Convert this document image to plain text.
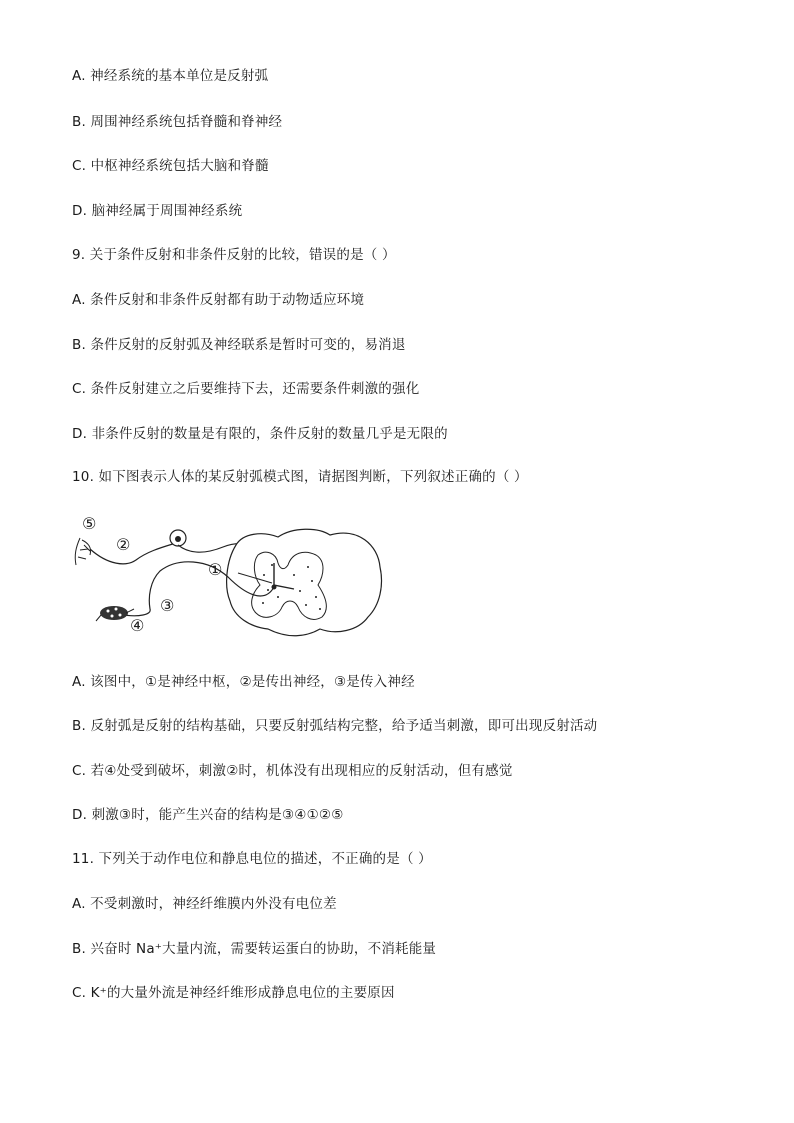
A. 神经系统的基本单位是反射弧
B. 周围神经系统包括脊髓和脊神经
C. 中枢神经系统包括大脑和脊髓
D. 脑神经属于周围神经系统
9. 关于条件反射和非条件反射的比较，错误的是（ ）
A. 条件反射和非条件反射都有助于动物适应环境
B. 条件反射的反射弧及神经联系是暂时可变的，易消退
C. 条件反射建立之后要维持下去，还需要条件刺激的强化
D. 非条件反射的数量是有限的，条件反射的数量几乎是无限的
10. 如下图表示人体的某反射弧模式图，请据图判断，下列叙述正确的（ ）
⑤
②
①
③
④
A. 该图中，①是神经中枢，②是传出神经，③是传入神经
B. 反射弧是反射的结构基础，只要反射弧结构完整，给予适当刺激，即可出现反射活动
C. 若④处受到破坏，刺激②时，机体没有出现相应的反射活动，但有感觉
D. 刺激③时，能产生兴奋的结构是③④①②⑤
11. 下列关于动作电位和静息电位的描述，不正确的是（ ）
A. 不受刺激时，神经纤维膜内外没有电位差
B. 兴奋时 Na⁺大量内流，需要转运蛋白的协助，不消耗能量
C. K⁺的大量外流是神经纤维形成静息电位的主要原因
